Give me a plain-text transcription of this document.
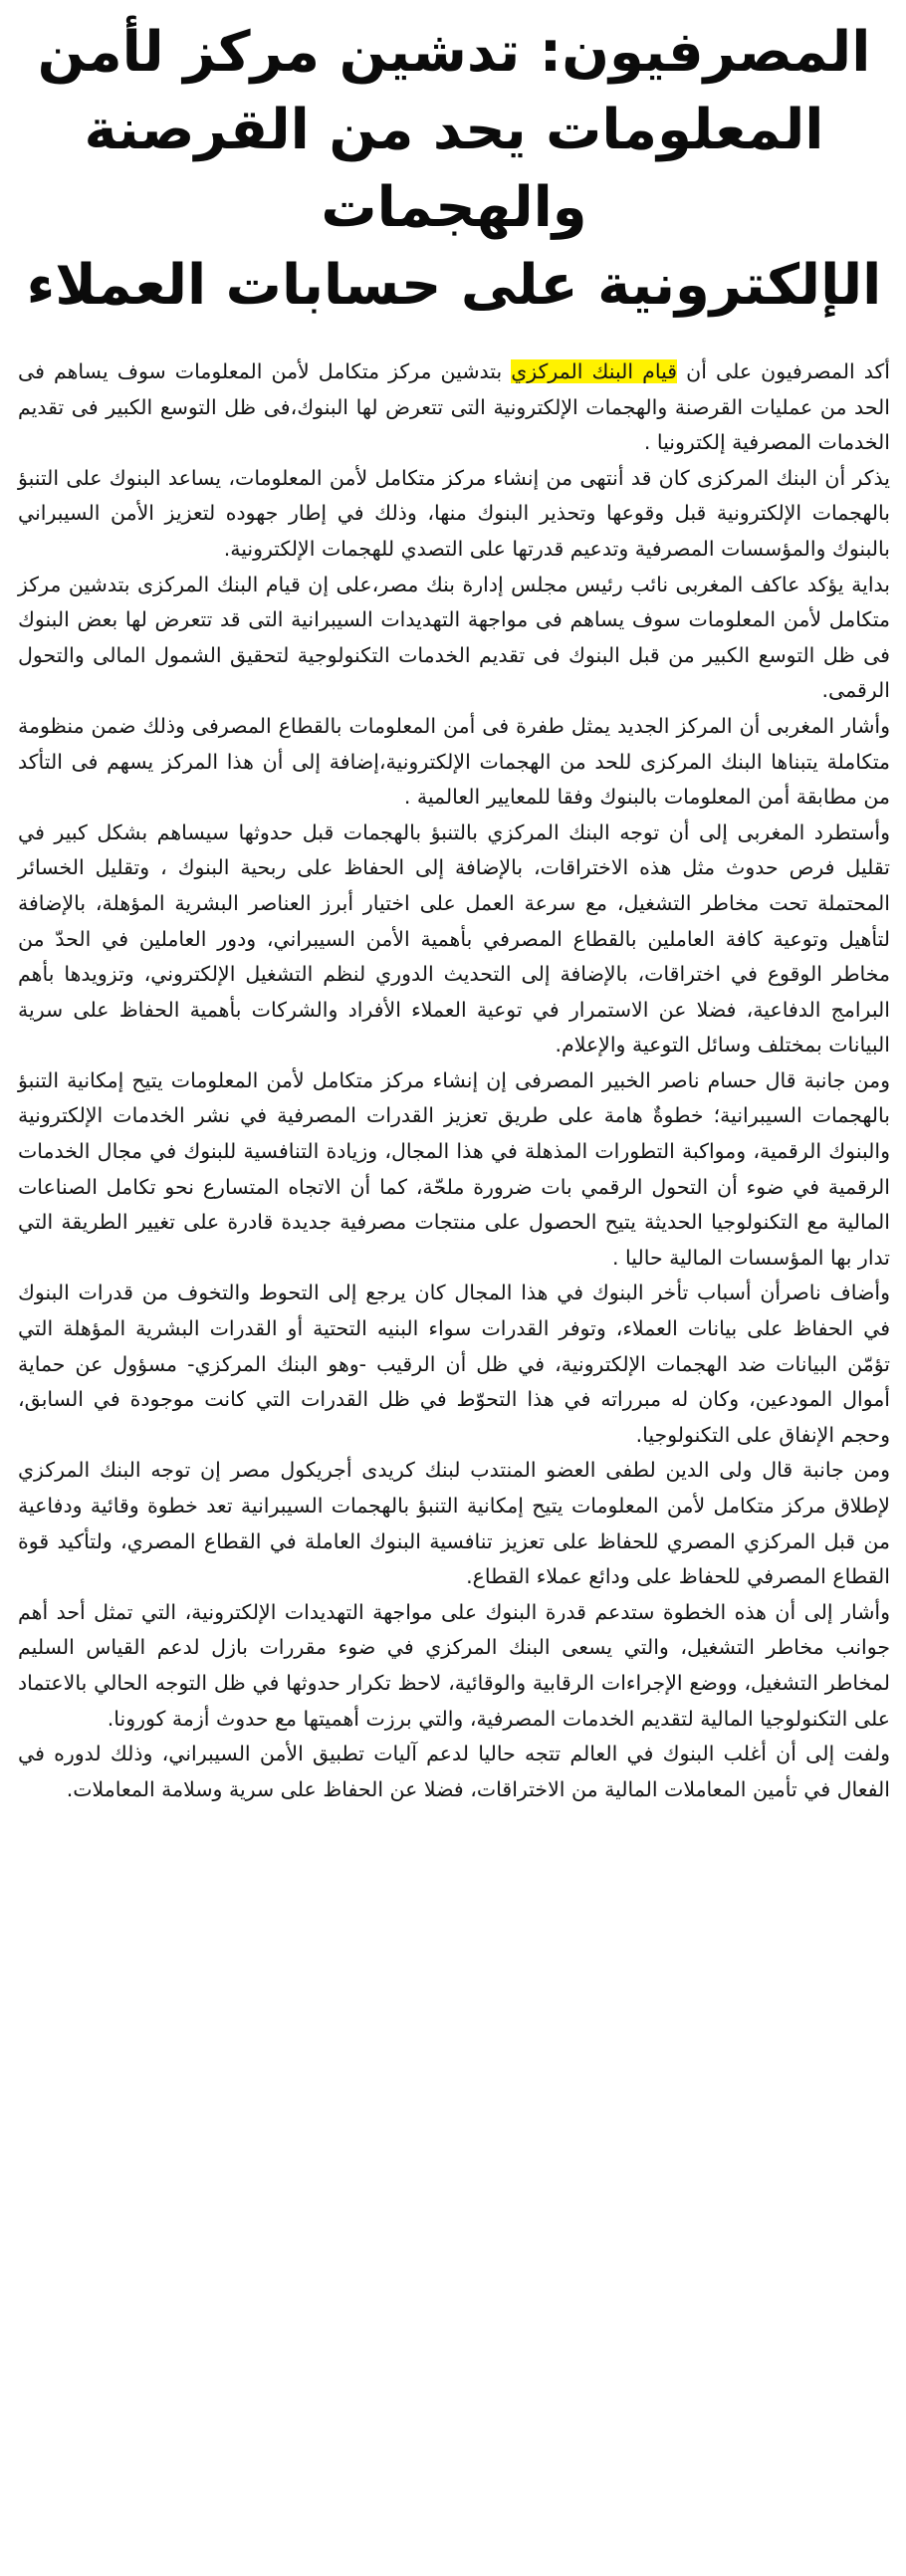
المصرفيون: تدشين مركز لأمن
المعلومات يحد من القرصنة والهجمات
الإلكترونية على حسابات العملاء

أكد المصرفيون على أن قيام البنك المركزي بتدشين مركز متكامل لأمن المعلومات سوف يساهم فى الحد من عمليات القرصنة والهجمات الإلكترونية التى تتعرض لها البنوك،فى ظل التوسع الكبير فى تقديم الخدمات المصرفية إلكترونيا .

يذكر أن البنك المركزى كان قد أنتهى من إنشاء مركز متكامل لأمن المعلومات، يساعد البنوك على التنبؤ بالهجمات الإلكترونية قبل وقوعها وتحذير البنوك منها، وذلك في إطار جهوده لتعزيز الأمن السيبراني بالبنوك والمؤسسات المصرفية وتدعيم قدرتها على التصدي للهجمات الإلكترونية.

بداية يؤكد عاكف المغربى نائب رئيس مجلس إدارة بنك مصر،على إن قيام البنك المركزى بتدشين مركز متكامل لأمن المعلومات سوف يساهم فى مواجهة التهديدات السيبرانية التى قد تتعرض لها بعض البنوك فى ظل التوسع الكبير من قبل البنوك فى تقديم الخدمات التكنولوجية لتحقيق الشمول المالى والتحول الرقمى.

وأشار المغربى أن المركز الجديد يمثل طفرة فى أمن المعلومات بالقطاع المصرفى وذلك ضمن منظومة متكاملة يتبناها البنك المركزى للحد من الهجمات الإلكترونية،إضافة إلى أن هذا المركز يسهم فى التأكد من مطابقة أمن المعلومات بالبنوك وفقا للمعايير العالمية .

وأستطرد المغربى إلى أن توجه البنك المركزي بالتنبؤ بالهجمات قبل حدوثها سيساهم بشكل كبير في تقليل فرص حدوث مثل هذه الاختراقات، بالإضافة إلى الحفاظ على ربحية البنوك ، وتقليل الخسائر المحتملة تحت مخاطر التشغيل، مع سرعة العمل على اختيار أبرز العناصر البشرية المؤهلة، بالإضافة لتأهيل وتوعية كافة العاملين بالقطاع المصرفي بأهمية الأمن السيبراني، ودور العاملين في الحدّ من مخاطر الوقوع في اختراقات، بالإضافة إلى التحديث الدوري لنظم التشغيل الإلكتروني، وتزويدها بأهم البرامج الدفاعية، فضلا عن الاستمرار في توعية العملاء الأفراد والشركات بأهمية الحفاظ على سرية البيانات بمختلف وسائل التوعية والإعلام.

ومن جانبة قال حسام ناصر الخبير المصرفى إن إنشاء مركز متكامل لأمن المعلومات يتيح إمكانية التنبؤ بالهجمات السيبرانية؛ خطوةٌ هامة على طريق تعزيز القدرات المصرفية في نشر الخدمات الإلكترونية والبنوك الرقمية، ومواكبة التطورات المذهلة في هذا المجال، وزيادة التنافسية للبنوك في مجال الخدمات الرقمية في ضوء أن التحول الرقمي بات ضرورة ملحّة، كما أن الاتجاه المتسارع نحو تكامل الصناعات المالية مع التكنولوجيا الحديثة يتيح الحصول على منتجات مصرفية جديدة قادرة على تغيير الطريقة التي تدار بها المؤسسات المالية حاليا .

وأضاف ناصرأن أسباب تأخر البنوك في هذا المجال كان يرجع إلى التحوط والتخوف من قدرات البنوك في الحفاظ على بيانات العملاء، وتوفر القدرات سواء البنيه التحتية أو القدرات البشرية المؤهلة التي تؤمّن البيانات ضد الهجمات الإلكترونية، في ظل أن الرقيب -وهو البنك المركزي- مسؤول عن حماية أموال المودعين، وكان له مبرراته في هذا التحوّط في ظل القدرات التي كانت موجودة في السابق، وحجم الإنفاق على التكنولوجيا.

ومن جانبة قال ولى الدين لطفى العضو المنتدب لبنك كريدى أجريكول مصر إن توجه البنك المركزي لإطلاق مركز متكامل لأمن المعلومات يتيح إمكانية التنبؤ بالهجمات السيبرانية تعد خطوة وقائية ودفاعية من قبل المركزي المصري للحفاظ على تعزيز تنافسية البنوك العاملة في القطاع المصري، ولتأكيد قوة القطاع المصرفي للحفاظ على ودائع عملاء القطاع.

وأشار إلى أن هذه الخطوة ستدعم قدرة البنوك على مواجهة التهديدات الإلكترونية، التي تمثل أحد أهم جوانب مخاطر التشغيل، والتي يسعى البنك المركزي في ضوء مقررات بازل لدعم القياس السليم لمخاطر التشغيل، ووضع الإجراءات الرقابية والوقائية، لاحظ تكرار حدوثها في ظل التوجه الحالي بالاعتماد على التكنولوجيا المالية لتقديم الخدمات المصرفية، والتي برزت أهميتها مع حدوث أزمة كورونا.

ولفت إلى أن أغلب البنوك في العالم تتجه حاليا لدعم آليات تطبيق الأمن السيبراني، وذلك لدوره في الفعال في تأمين المعاملات المالية من الاختراقات، فضلا عن الحفاظ على سرية وسلامة المعاملات.
